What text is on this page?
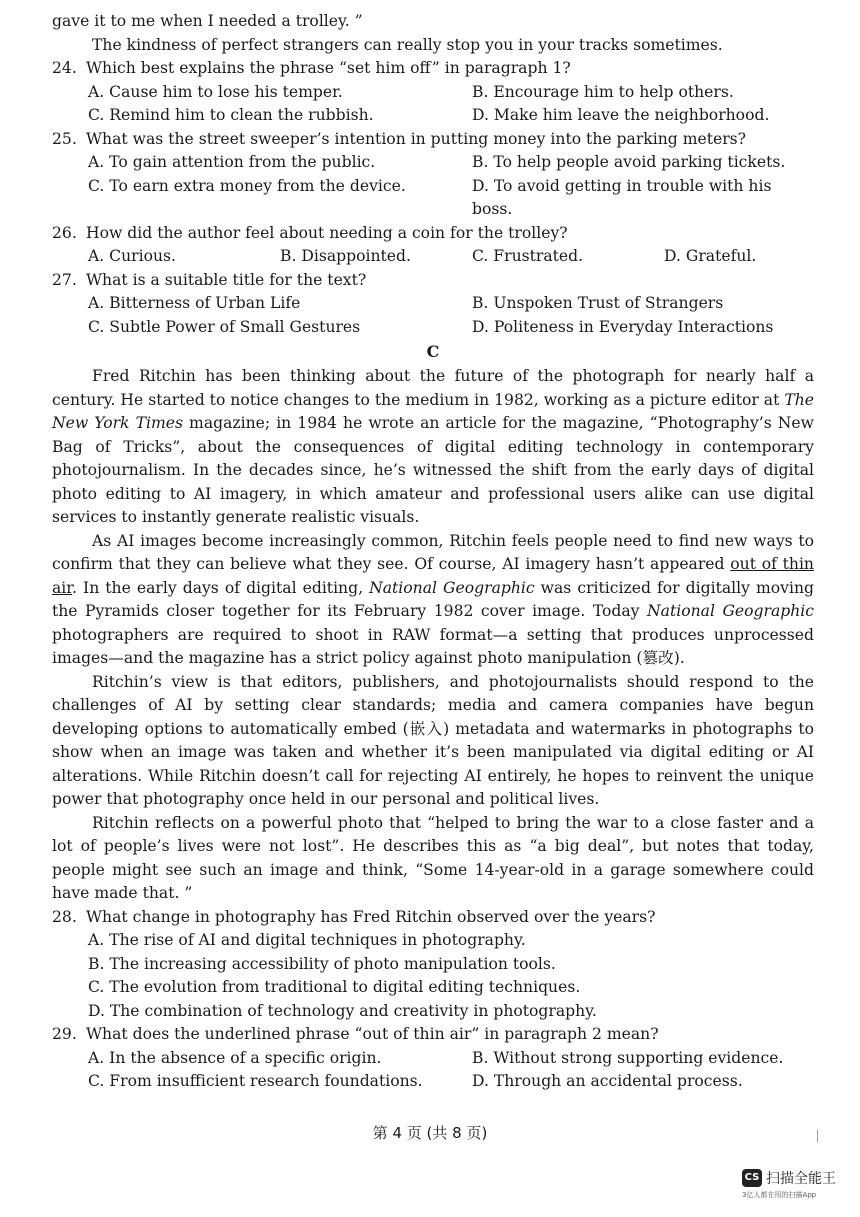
gave it to me when I needed a trolley. ”
The kindness of perfect strangers can really stop you in your tracks sometimes.
24. Which best explains the phrase “set him off” in paragraph 1?
A. Cause him to lose his temper.	B. Encourage him to help others.
C. Remind him to clean the rubbish.	D. Make him leave the neighborhood.
25. What was the street sweeper’s intention in putting money into the parking meters?
A. To gain attention from the public.	B. To help people avoid parking tickets.
C. To earn extra money from the device.	D. To avoid getting in trouble with his boss.
26. How did the author feel about needing a coin for the trolley?
A. Curious.	B. Disappointed.	C. Frustrated.	D. Grateful.
27. What is a suitable title for the text?
A. Bitterness of Urban Life	B. Unspoken Trust of Strangers
C. Subtle Power of Small Gestures	D. Politeness in Everyday Interactions
C

Fred Ritchin has been thinking about the future of the photograph for nearly half a century. He started to notice changes to the medium in 1982, working as a picture editor at The New York Times magazine; in 1984 he wrote an article for the magazine, “Photography’s New Bag of Tricks”, about the consequences of digital editing technology in contemporary photojournalism. In the decades since, he’s witnessed the shift from the early days of digital photo editing to AI imagery, in which amateur and professional users alike can use digital services to instantly generate realistic visuals.

As AI images become increasingly common, Ritchin feels people need to find new ways to confirm that they can believe what they see. Of course, AI imagery hasn’t appeared out of thin air. In the early days of digital editing, National Geographic was criticized for digitally moving the Pyramids closer together for its February 1982 cover image. Today National Geographic photographers are required to shoot in RAW format—a setting that produces unprocessed images—and the magazine has a strict policy against photo manipulation (篡改).

Ritchin’s view is that editors, publishers, and photojournalists should respond to the challenges of AI by setting clear standards; media and camera companies have begun developing options to automatically embed (嵌入) metadata and watermarks in photographs to show when an image was taken and whether it’s been manipulated via digital editing or AI alterations. While Ritchin doesn’t call for rejecting AI entirely, he hopes to reinvent the unique power that photography once held in our personal and political lives.

Ritchin reflects on a powerful photo that “helped to bring the war to a close faster and a lot of people’s lives were not lost”. He describes this as “a big deal”, but notes that today, people might see such an image and think, “Some 14-year-old in a garage somewhere could have made that. ”

28. What change in photography has Fred Ritchin observed over the years?
A. The rise of AI and digital techniques in photography.
B. The increasing accessibility of photo manipulation tools.
C. The evolution from traditional to digital editing techniques.
D. The combination of technology and creativity in photography.
29. What does the underlined phrase “out of thin air” in paragraph 2 mean?
A. In the absence of a specific origin.	B. Without strong supporting evidence.
C. From insufficient research foundations.	D. Through an accidental process.
第 4 页 (共 8 页)
CS 扫描全能王
3亿人都在用的扫描App
